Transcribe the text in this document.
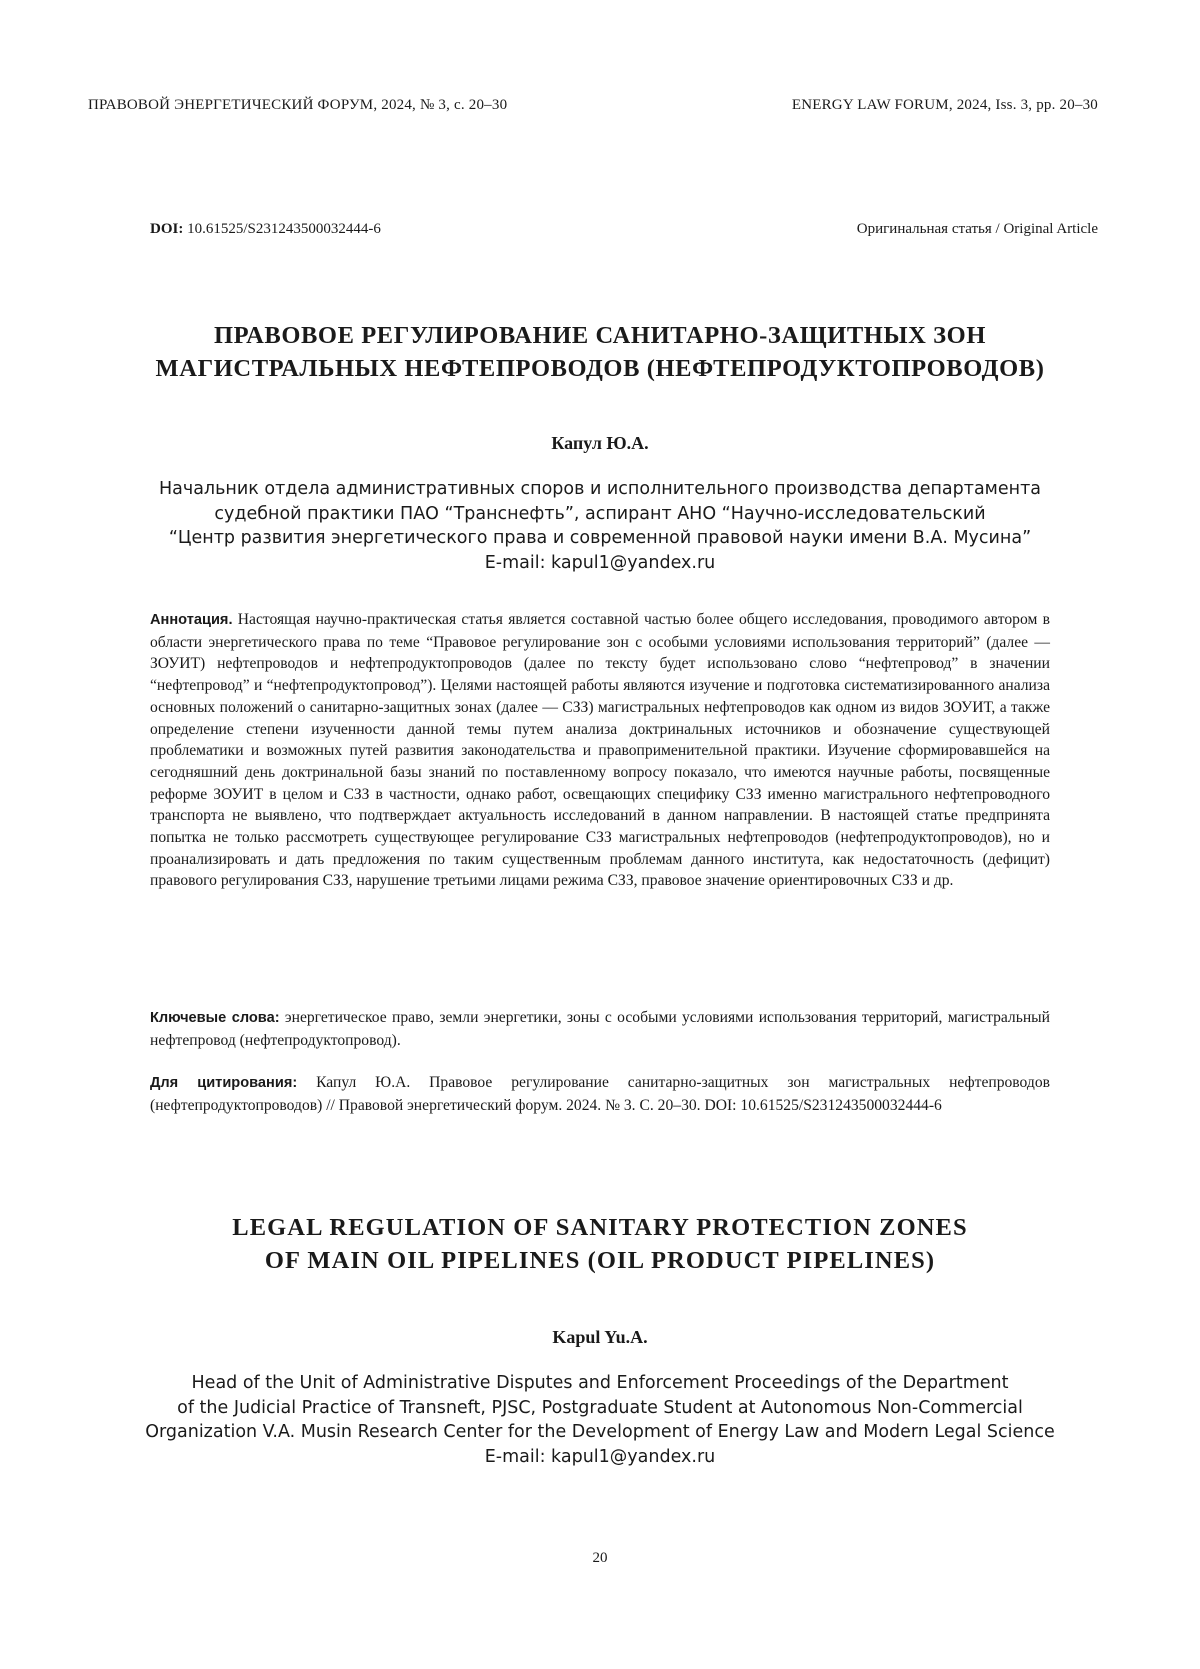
ПРАВОВОЙ ЭНЕРГЕТИЧЕСКИЙ ФОРУМ, 2024, № 3, с. 20–30	ENERGY LAW FORUM, 2024, Iss. 3, pp. 20–30
DOI: 10.61525/S231243500032444-6	Оригинальная статья / Original Article
ПРАВОВОЕ РЕГУЛИРОВАНИЕ САНИТАРНО-ЗАЩИТНЫХ ЗОН
МАГИСТРАЛЬНЫХ НЕФТЕПРОВОДОВ (НЕФТЕПРОДУКТОПРОВОДОВ)
Капул Ю.А.
Начальник отдела административных споров и исполнительного производства департамента
судебной практики ПАО “Транснефть”, аспирант АНО “Научно-исследовательский
“Центр развития энергетического права и современной правовой науки имени В.А. Мусина”
E-mail: kapul1@yandex.ru
Аннотация. Настоящая научно-практическая статья является составной частью более общего исследования, проводимого автором в области энергетического права по теме “Правовое регулирование зон с особыми условиями использования территорий” (далее — ЗОУИТ) нефтепроводов и нефтепродуктопроводов (далее по тексту будет использовано слово “нефтепровод” в значении “нефтепровод” и “нефтепродуктопровод”). Целями настоящей работы являются изучение и подготовка систематизированного анализа основных положений о санитарно-защитных зонах (далее — СЗЗ) магистральных нефтепроводов как одном из видов ЗОУИТ, а также определение степени изученности данной темы путем анализа доктринальных источников и обозначение существующей проблематики и возможных путей развития законодательства и правоприменительной практики. Изучение сформировавшейся на сегодняшний день доктринальной базы знаний по поставленному вопросу показало, что имеются научные работы, посвященные реформе ЗОУИТ в целом и СЗЗ в частности, однако работ, освещающих специфику СЗЗ именно магистрального нефтепроводного транспорта не выявлено, что подтверждает актуальность исследований в данном направлении. В настоящей статье предпринята попытка не только рассмотреть существующее регулирование СЗЗ магистральных нефтепроводов (нефтепродуктопроводов), но и проанализировать и дать предложения по таким существенным проблемам данного института, как недостаточность (дефицит) правового регулирования СЗЗ, нарушение третьими лицами режима СЗЗ, правовое значение ориентировочных СЗЗ и др.
Ключевые слова: энергетическое право, земли энергетики, зоны с особыми условиями использования территорий, магистральный нефтепровод (нефтепродуктопровод).
Для цитирования: Капул Ю.А. Правовое регулирование санитарно-защитных зон магистральных нефтепроводов (нефтепродуктопроводов) // Правовой энергетический форум. 2024. № 3. С. 20–30. DOI: 10.61525/S231243500032444-6
LEGAL REGULATION OF SANITARY PROTECTION ZONES
OF MAIN OIL PIPELINES (OIL PRODUCT PIPELINES)
Kapul Yu.A.
Head of the Unit of Administrative Disputes and Enforcement Proceedings of the Department
of the Judicial Practice of Transneft, PJSC, Postgraduate Student at Autonomous Non-Commercial
Organization V.A. Musin Research Center for the Development of Energy Law and Modern Legal Science
E-mail: kapul1@yandex.ru
20
